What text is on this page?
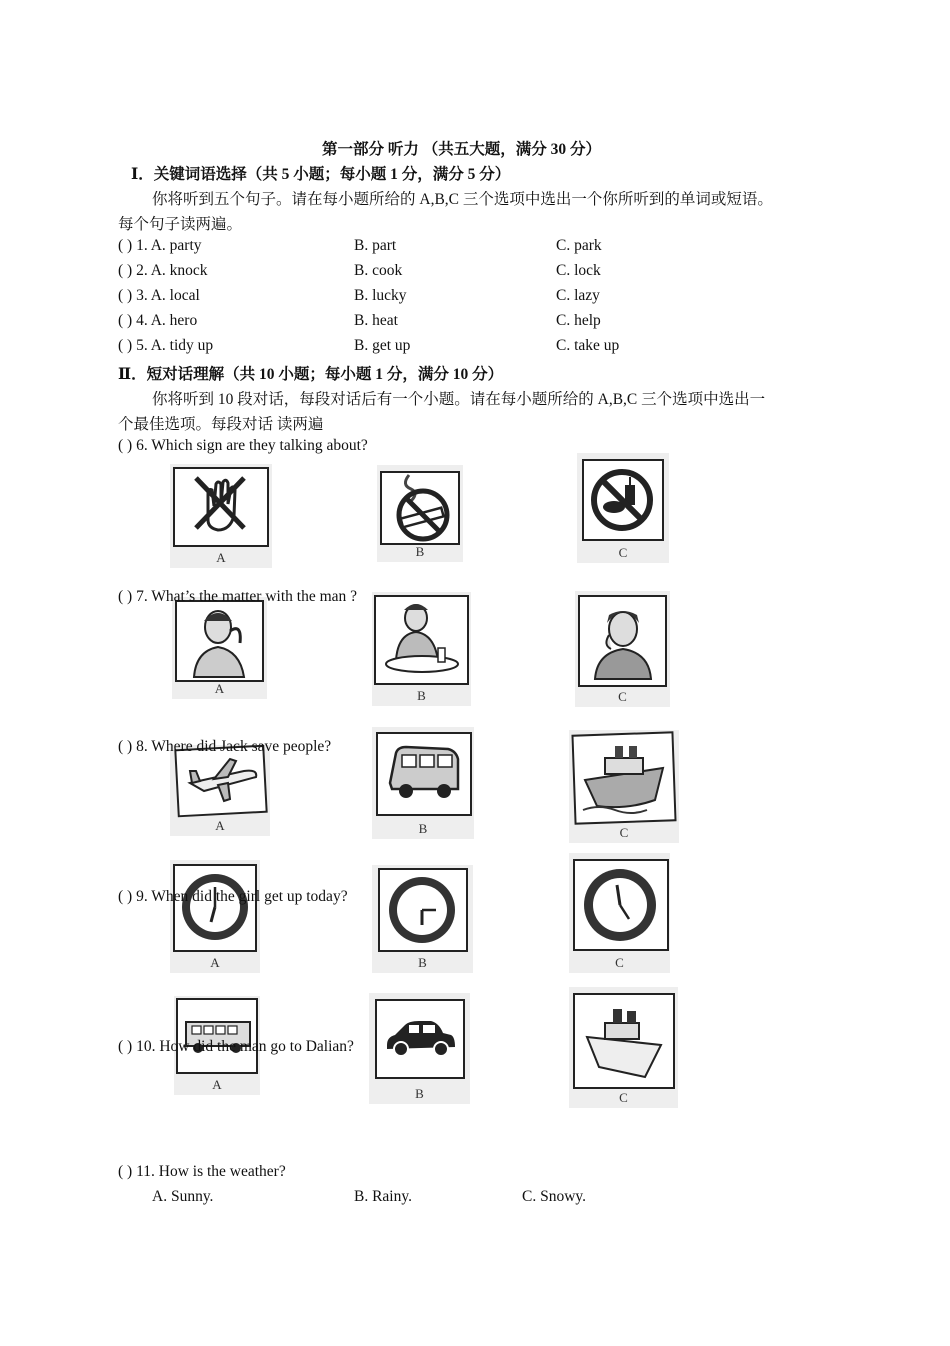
第一部分 听力 （共五大题，满分 30 分）
Ⅰ．关键词语选择（共 5 小题；每小题 1 分，满分 5 分）
你将听到五个句子。请在每小题所给的 A,B,C 三个选项中选出一个你所听到的单词或短语。
每个句子读两遍。
( ) 1. A. party	B. part	C. park
( ) 2. A. knock	B. cook	C. lock
( ) 3. A. local	B. lucky	C. lazy
( ) 4. A. hero	B. heat	C. help
( ) 5. A. tidy up	B. get up	C. take up
Ⅱ．短对话理解（共 10 小题；每小题 1 分，满分 10 分）
你将听到 10 段对话，每段对话后有一个小题。请在每小题所给的 A,B,C 三个选项中选出一
个最佳选项。每段对话 读两遍
( ) 6. Which sign are they talking about?
A	B	C
A	B	C
( ) 7. What’s the matter with the man ?
A	B	C
( ) 8. Where did Jack save people?
A	B	C
( ) 9. When did the girl get up today?
A
B	C
( ) 10. How did the man go to Dalian?
( ) 11. How is the weather?
A. Sunny.	B. Rainy.	C. Snowy.
